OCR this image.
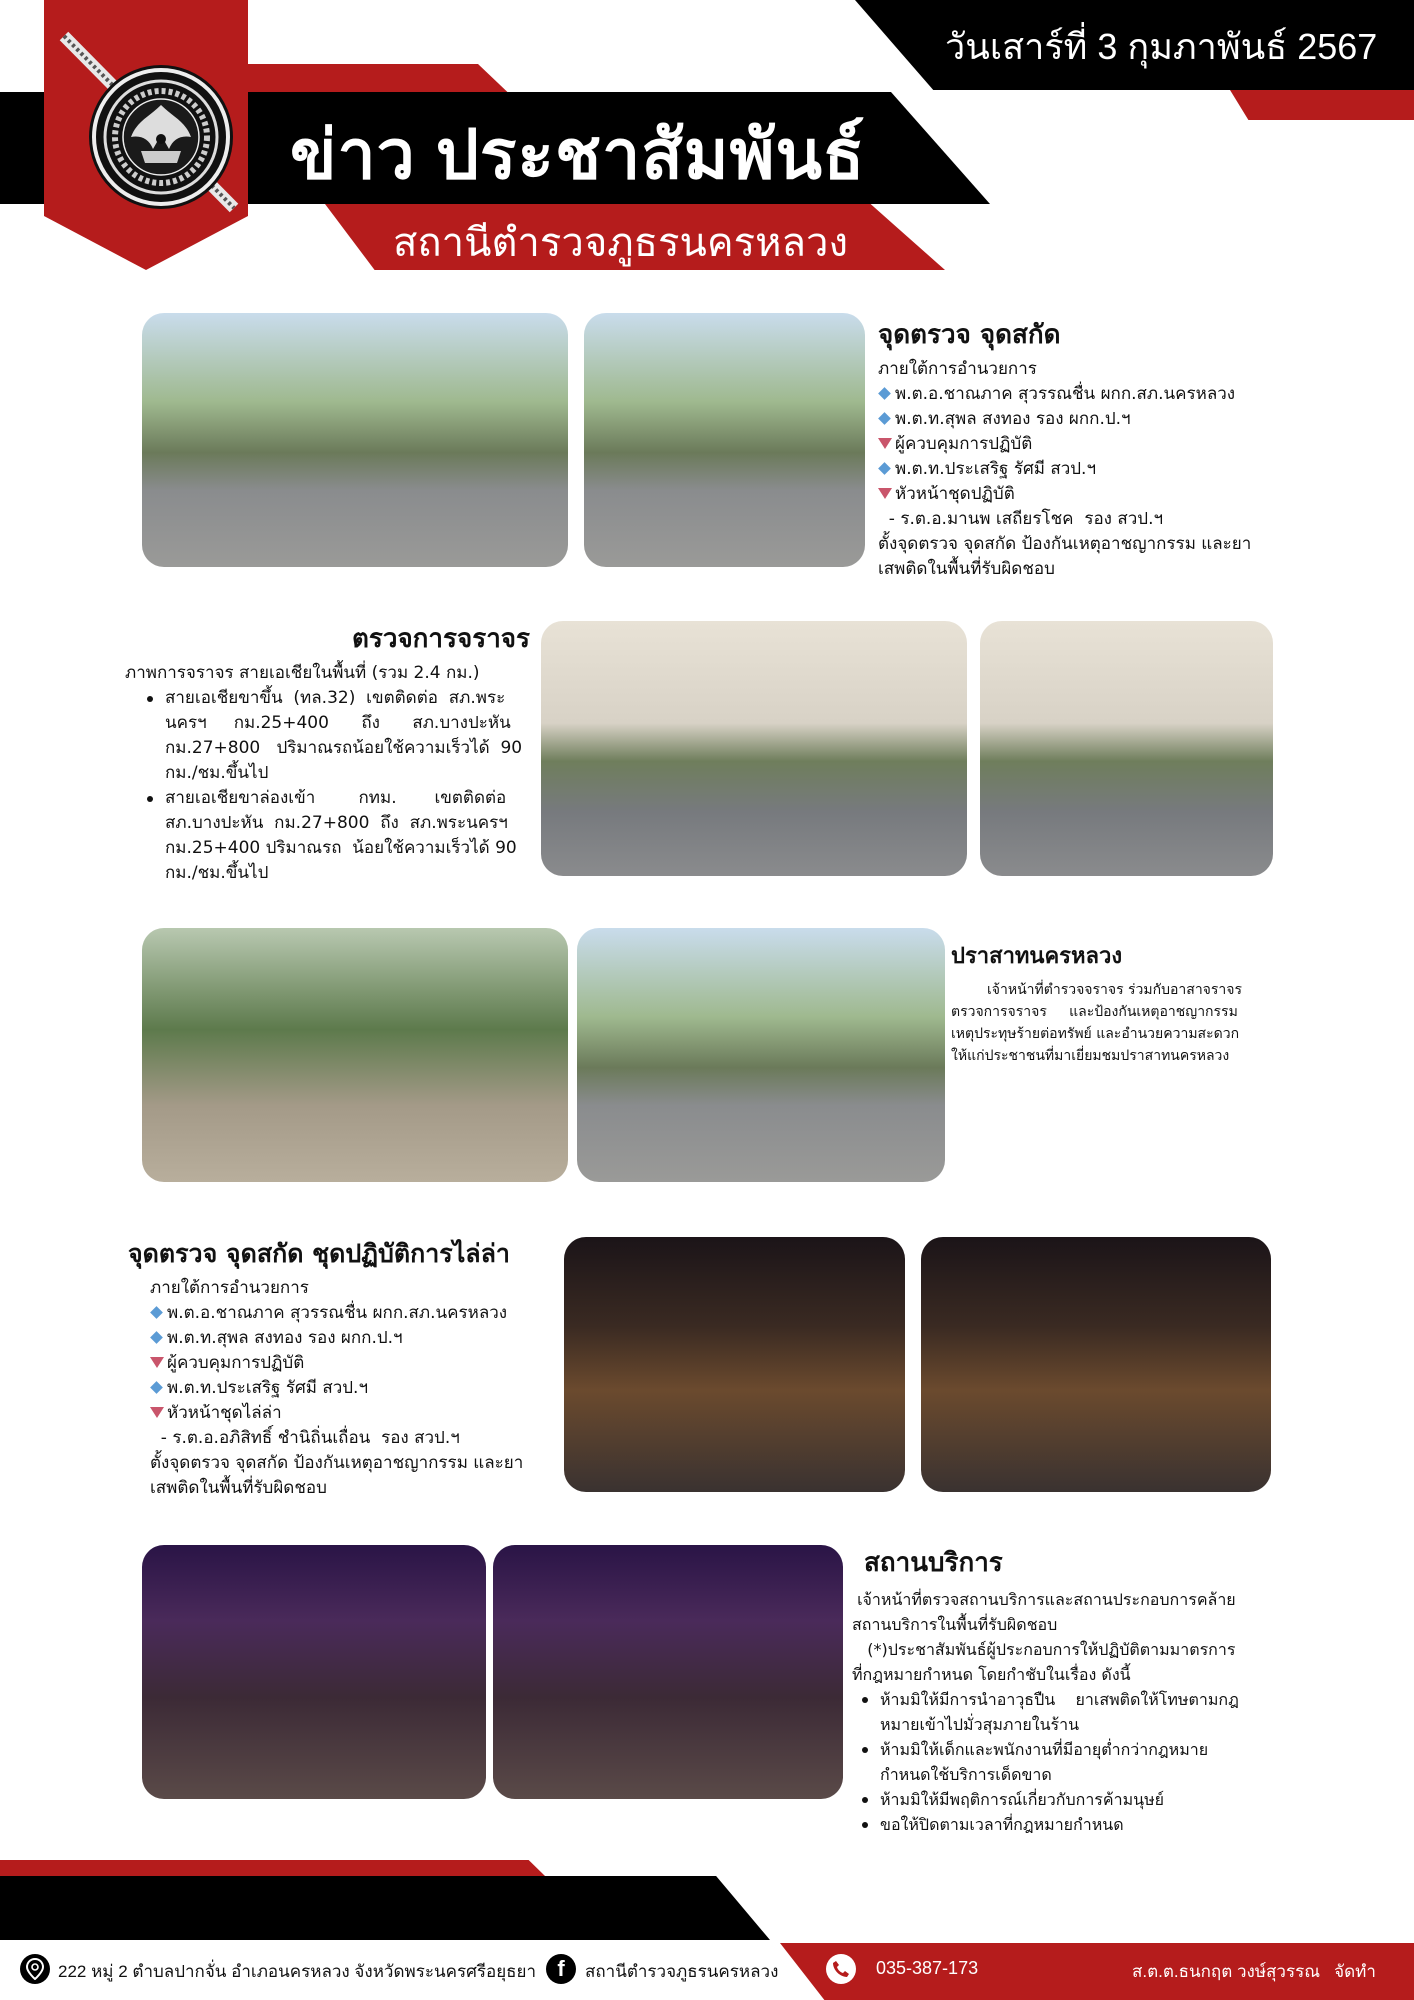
วันเสาร์ที่ 3 กุมภาพันธ์ 2567
ข่าว ประชาสัมพันธ์
สถานีตำรวจภูธรนครหลวง
จุดตรวจ จุดสกัด
ภายใต้การอำนวยการ
พ.ต.อ.ชาณภาค สุวรรณชื่น ผกก.สภ.นครหลวง
พ.ต.ท.สุพล สงทอง รอง ผกก.ป.ฯ
ผู้ควบคุมการปฏิบัติ
พ.ต.ท.ประเสริฐ รัศมี สวป.ฯ
หัวหน้าชุดปฏิบัติ
- ร.ต.อ.มานพ เสถียรโชค  รอง สวป.ฯ
ตั้งจุดตรวจ จุดสกัด ป้องกันเหตุอาชญากรรม และยา
เสพติดในพื้นที่รับผิดชอบ
ตรวจการจราจร
ภาพการจราจร สายเอเชียในพื้นที่ (รวม 2.4 กม.)
สายเอเชียขาขึ้น  (ทล.32)  เขตติดต่อ  สภ.พระ
นครฯ     กม.25+400      ถึง      สภ.บางปะหัน
กม.27+800   ปริมาณรถน้อยใช้ความเร็วได้  90
กม./ชม.ขึ้นไป
สายเอเชียขาล่องเข้า        กทม.       เขตติดต่อ
สภ.บางปะหัน  กม.27+800  ถึง  สภ.พระนครฯ
กม.25+400 ปริมาณรถ  น้อยใช้ความเร็วได้ 90
กม./ชม.ขึ้นไป
ปราสาทนครหลวง
เจ้าหน้าที่ตำรวจจราจร ร่วมกับอาสาจราจร
ตรวจการจราจร     และป้องกันเหตุอาชญากรรม
เหตุประทุษร้ายต่อทรัพย์ และอำนวยความสะดวก
ให้แก่ประชาชนที่มาเยี่ยมชมปราสาทนครหลวง
จุดตรวจ จุดสกัด ชุดปฏิบัติการไล่ล่า
ภายใต้การอำนวยการ
พ.ต.อ.ชาณภาค สุวรรณชื่น ผกก.สภ.นครหลวง
พ.ต.ท.สุพล สงทอง รอง ผกก.ป.ฯ
ผู้ควบคุมการปฏิบัติ
พ.ต.ท.ประเสริฐ รัศมี สวป.ฯ
หัวหน้าชุดไล่ล่า
- ร.ต.อ.อภิสิทธิ์ ชำนิถิ่นเถื่อน  รอง สวป.ฯ
ตั้งจุดตรวจ จุดสกัด ป้องกันเหตุอาชญากรรม และยา
เสพติดในพื้นที่รับผิดชอบ
สถานบริการ
เจ้าหน้าที่ตรวจสถานบริการและสถานประกอบการคล้าย
สถานบริการในพื้นที่รับผิดชอบ
(*)ประชาสัมพันธ์ผู้ประกอบการให้ปฏิบัติตามมาตรการ
ที่กฎหมายกำหนด โดยกำชับในเรื่อง ดังนี้
ห้ามมิให้มีการนำอาวุธปืน    ยาเสพติดให้โทษตามกฎ
หมายเข้าไปมั่วสุมภายในร้าน
ห้ามมิให้เด็กและพนักงานที่มีอายุต่ำกว่ากฎหมาย
กำหนดใช้บริการเด็ดขาด
ห้ามมิให้มีพฤติการณ์เกี่ยวกับการค้ามนุษย์
ขอให้ปิดตามเวลาที่กฎหมายกำหนด
222 หมู่ 2 ตำบลปากจั่น อำเภอนครหลวง จังหวัดพระนครศรีอยุธยา f	สถานีตำรวจภูธรนครหลวง	035-387-173	ส.ต.ต.ธนกฤต วงษ์สุวรรณ   จัดทำ
